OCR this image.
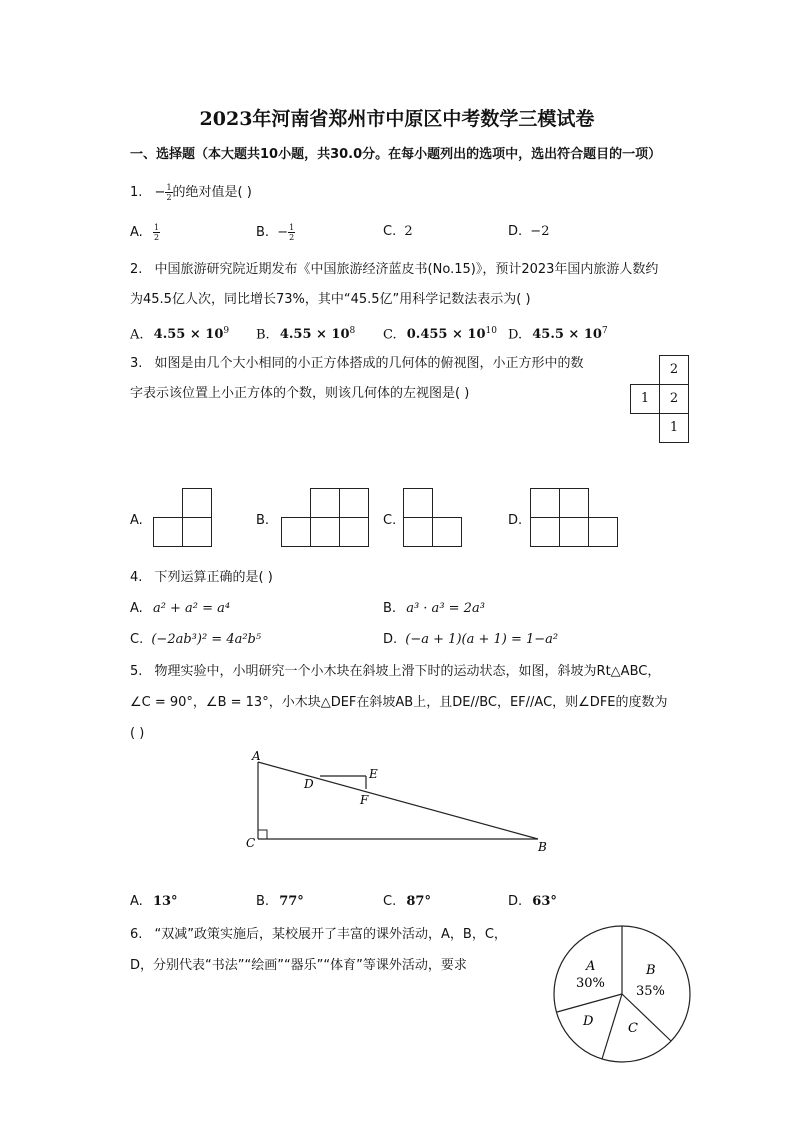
2023年河南省郑州市中原区中考数学三模试卷
一、选择题（本大题共10小题，共30.0分。在每小题列出的选项中，选出符合题目的一项）
1. − $\frac{1}{2}$ 的绝对值是( )
A. $\frac{1}{2}$	B. − $\frac{1}{2}$	C. 2	D. −2
2. 中国旅游研究院近期发布《中国旅游经济蓝皮书(No.15)》，预计2023年国内旅游人数约
为45.5亿人次，同比增长73%，其中“45.5亿”用科学记数法表示为( )
A. $4.55 \times 10^9$ B. $4.55 \times 10^8$ C. $0.455 \times 10^{10}$ D. $45.5 \times 10^7$
3. 如图是由几个大小相同的小正方体搭成的几何体的俯视图，小正方形中的数
字表示该位置上小正方体的个数，则该几何体的左视图是( )
2
1	2
1
A.	B.	C.	D.
4. 下列运算正确的是( )
A. a² + a² = a⁴	B. a³ · a³ = 2a³
C. (−2ab³)² = 4a²b⁵	D. (−a + 1)(a + 1) = 1−a²
5. 物理实验中，小明研究一个小木块在斜坡上滑下时的运动状态，如图，斜坡为Rt△ABC，
∠C = 90°，∠B = 13°，小木块△DEF在斜坡AB上，且DE//BC，EF//AC，则∠DFE的度数为
( )
A
C	B
D
E
F
A. 13°	B. 77°	C. 87°	D. 63°
6. “双减”政策实施后，某校展开了丰富的课外活动，A，B，C，
D，分别代表“书法”“绘画”“器乐”“体育”等课外活动，要求	A
30%
B
35%
C
D
